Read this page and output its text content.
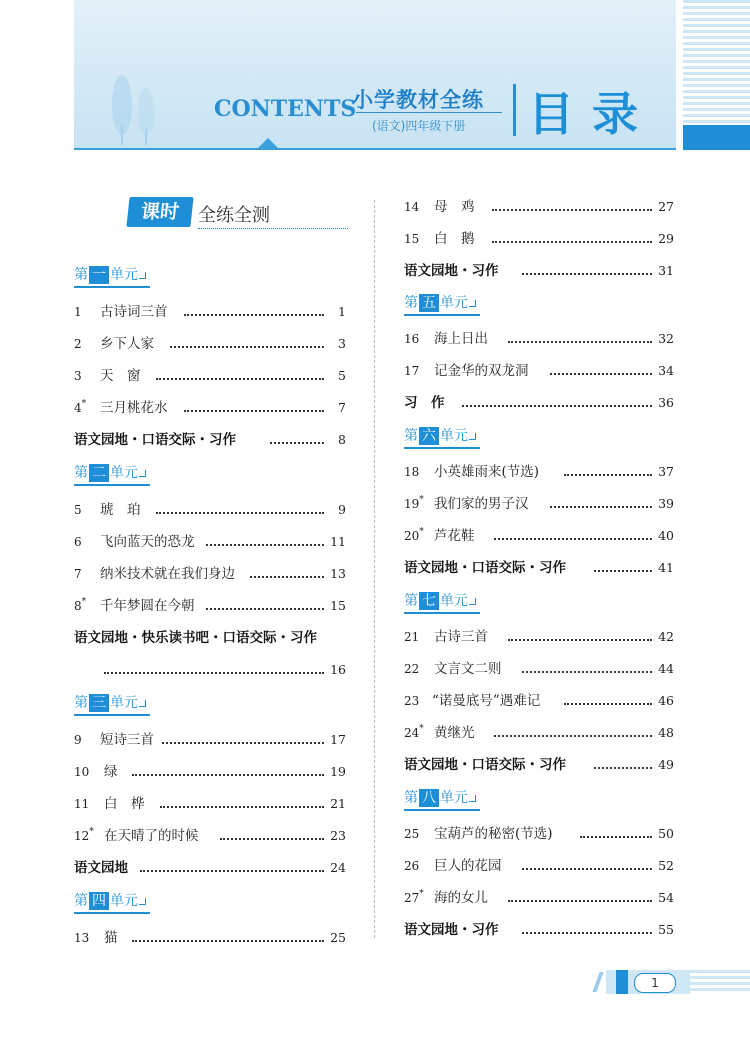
CONTENTS
小学教材全练
(语文)四年级下册 目录
课时 全练全测
第 一 单元
1 古诗词三首	1
2 乡下人家	3
3 天　窗	5
4* 三月桃花水	7
语文园地・口语交际・习作	8
第 二 单元
5 琥　珀	9
6 飞向蓝天的恐龙	11
7 纳米技术就在我们身边	13
8* 千年梦圆在今朝	15
语文园地・快乐读书吧・口语交际・习作
16
第 三 单元
9 短诗三首	17
10 绿	19
11 白　桦	21
12* 在天晴了的时候	23
语文园地	24
第 四 单元
13 猫	25
14 母　鸡	27
15 白　鹅	29
语文园地・习作	31
第 五 单元
16 海上日出	32
17 记金华的双龙洞	34
习　作	36
第 六 单元
18 小英雄雨来(节选)	37
19* 我们家的男子汉	39
20* 芦花鞋	40
语文园地・口语交际・习作	41
第 七 单元
21 古诗三首	42
22 文言文二则	44
23 “诺曼底号”遇难记	46
24* 黄继光	48
语文园地・口语交际・习作	49
第 八 单元
25 宝葫芦的秘密(节选)	50
26 巨人的花园	52
27* 海的女儿	54
语文园地・习作	55
1
